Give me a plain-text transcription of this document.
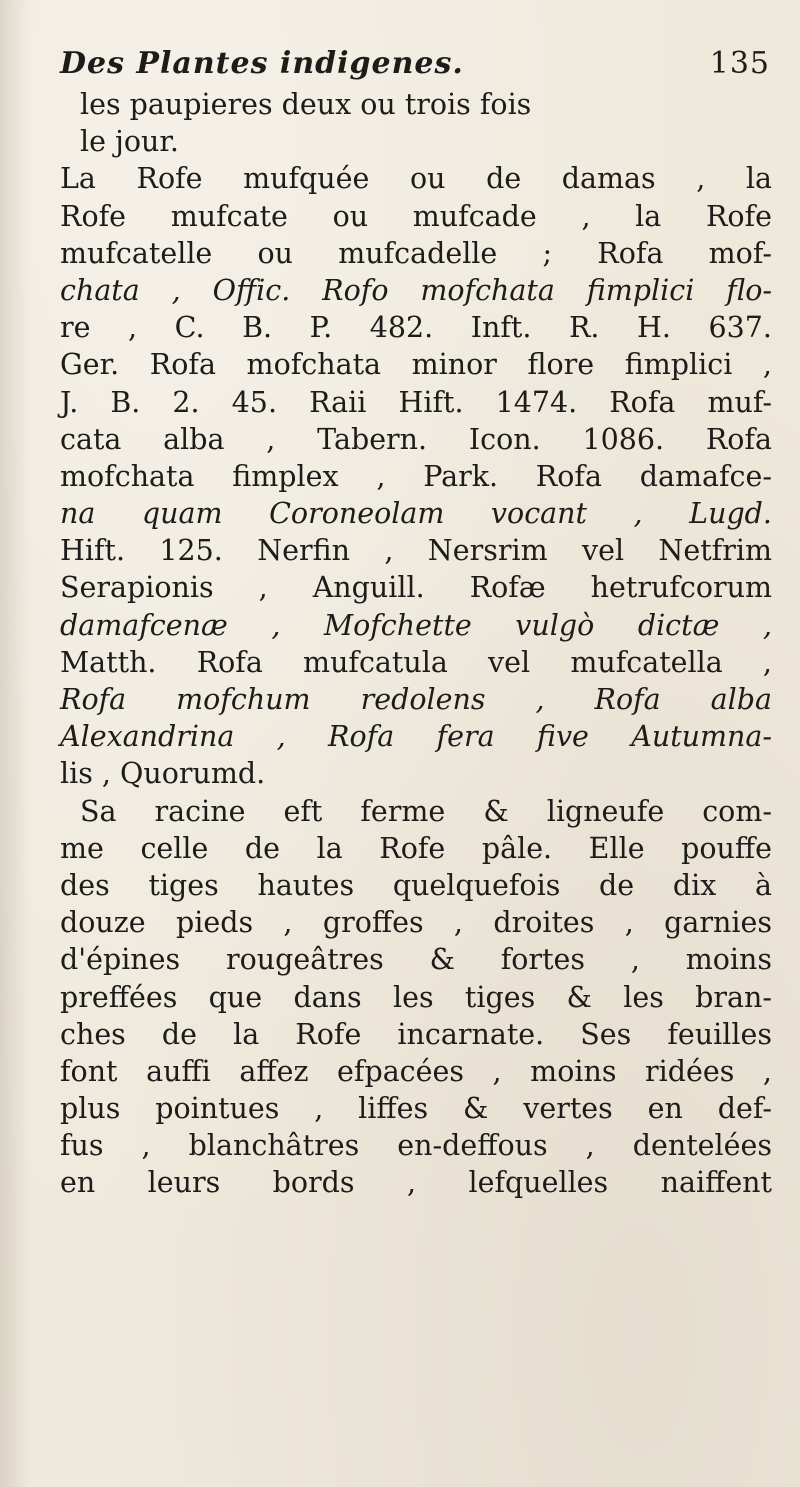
Des Plantes indigenes.	135
les paupieres deux ou trois fois
le jour.
La Rofe mufquée ou de damas , la
Rofe mufcate ou mufcade , la Rofe
mufcatelle ou mufcadelle ; Rofa mof-
chata , Offic. Rofo mofchata fimplici flo-
re , C. B. P. 482. Inft. R. H. 637.
Ger. Rofa mofchata minor flore fimplici ,
J. B. 2. 45. Raii Hift. 1474. Rofa muf-
cata alba , Tabern. Icon. 1086. Rofa
mofchata fimplex , Park. Rofa damafce-
na quam Coroneolam vocant , Lugd.
Hift. 125. Nerfin , Nersrim vel Netfrim
Serapionis , Anguill. Rofæ hetrufcorum
damafcenæ , Mofchette vulgò dictæ ,
Matth. Rofa mufcatula vel mufcatella ,
Rofa mofchum redolens , Rofa alba
Alexandrina , Rofa fera five Autumna-
lis , Quorumd.
Sa racine eft ferme & ligneufe com-
me celle de la Rofe pâle. Elle pouffe
des tiges hautes quelquefois de dix à
douze pieds , groffes , droites , garnies
d'épines rougeâtres & fortes , moins
preffées que dans les tiges & les bran-
ches de la Rofe incarnate. Ses feuilles
font auffi affez efpacées , moins ridées ,
plus pointues , liffes & vertes en def-
fus , blanchâtres en-deffous , dentelées
en leurs bords , lefquelles naiffent
